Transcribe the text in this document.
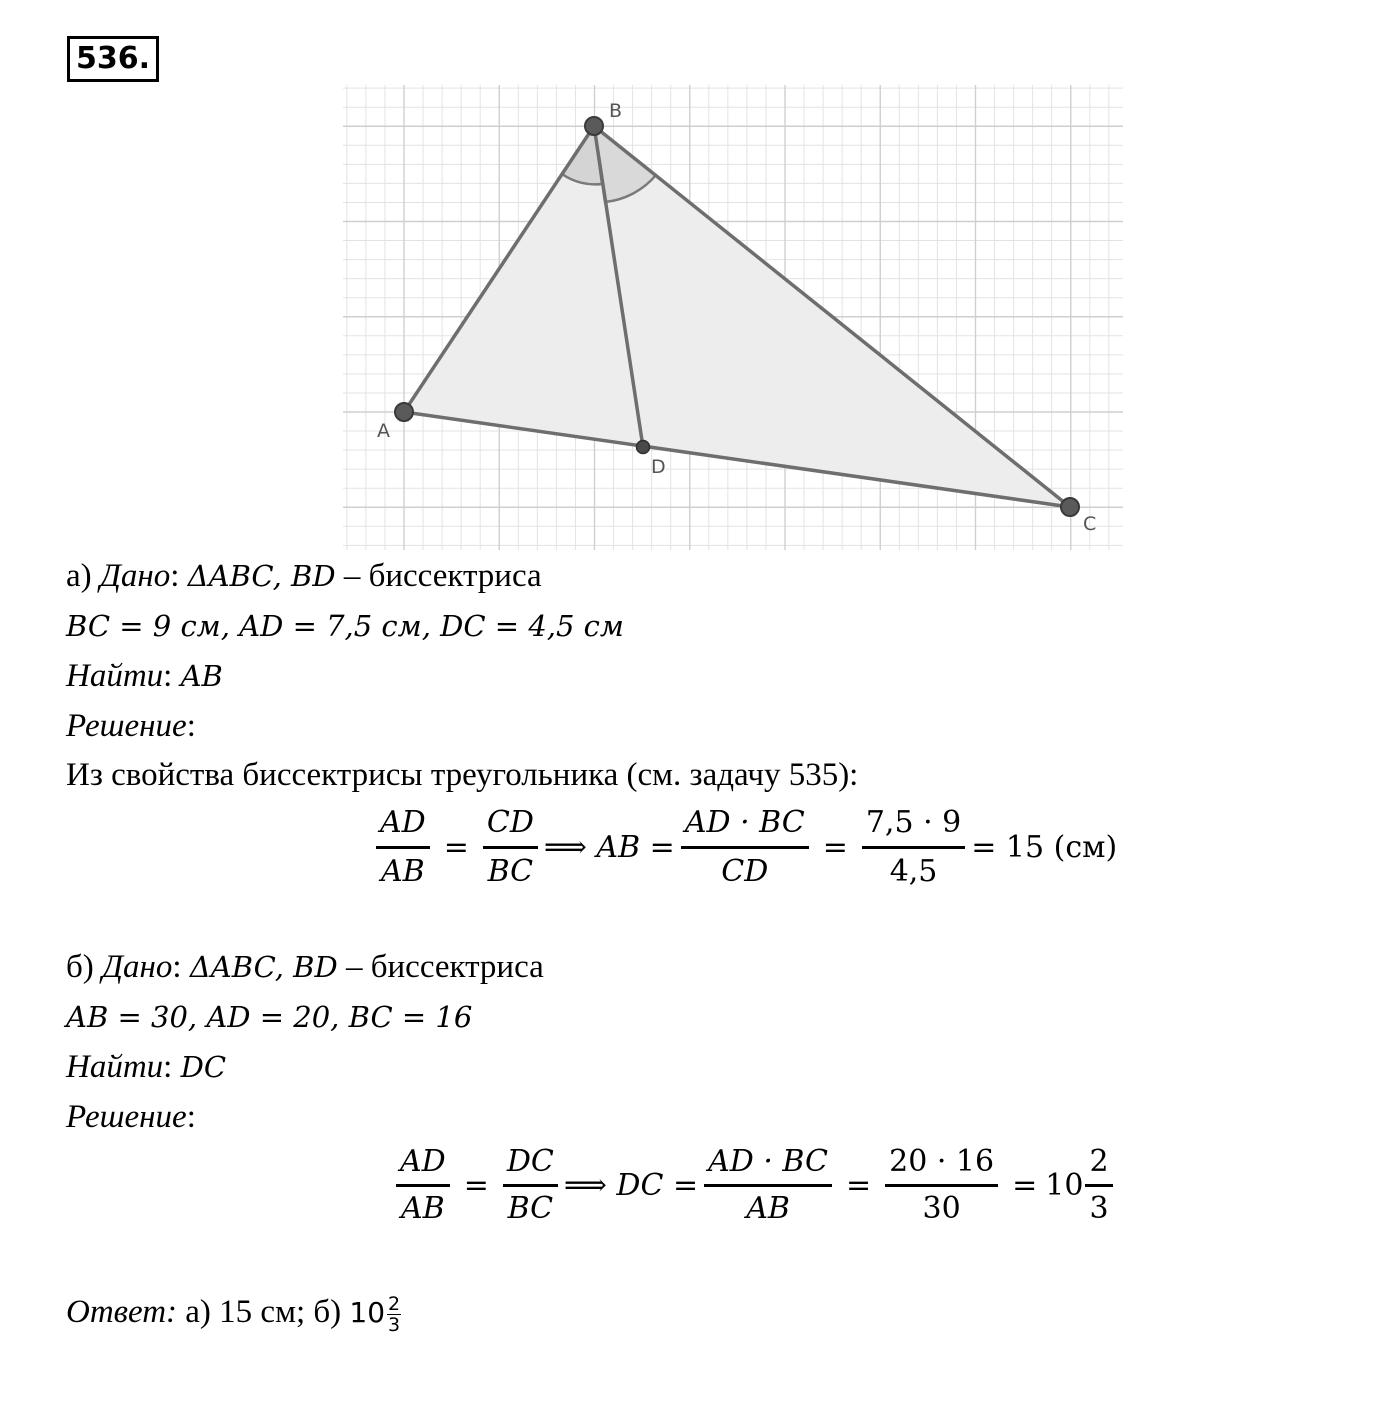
536.
A
B
C
D
а) Дано: ΔABC, BD – биссектриса
BC = 9 см, AD = 7,5 см, DC = 4,5 см
Найти: AB
Решение:
Из свойства биссектрисы треугольника (см. задачу 535):
$\frac{AD}{AB} = \frac{CD}{BC}$ ⟹ AB = $\frac{AD \cdot BC}{CD} = \frac{7,5 \cdot 9}{4,5} = 15$ (см)
б) Дано: ΔABC, BD – биссектриса
AB = 30, AD = 20, BC = 16
Найти: DC
Решение:
$\frac{AD}{AB} = \frac{DC}{BC}$ ⟹ DC = $\frac{AD \cdot BC}{AB} = \frac{20 \cdot 16}{30} = 10 \frac{2}{3}$
Ответ: а) 15 см; б) $10 \frac{2}{3}$
